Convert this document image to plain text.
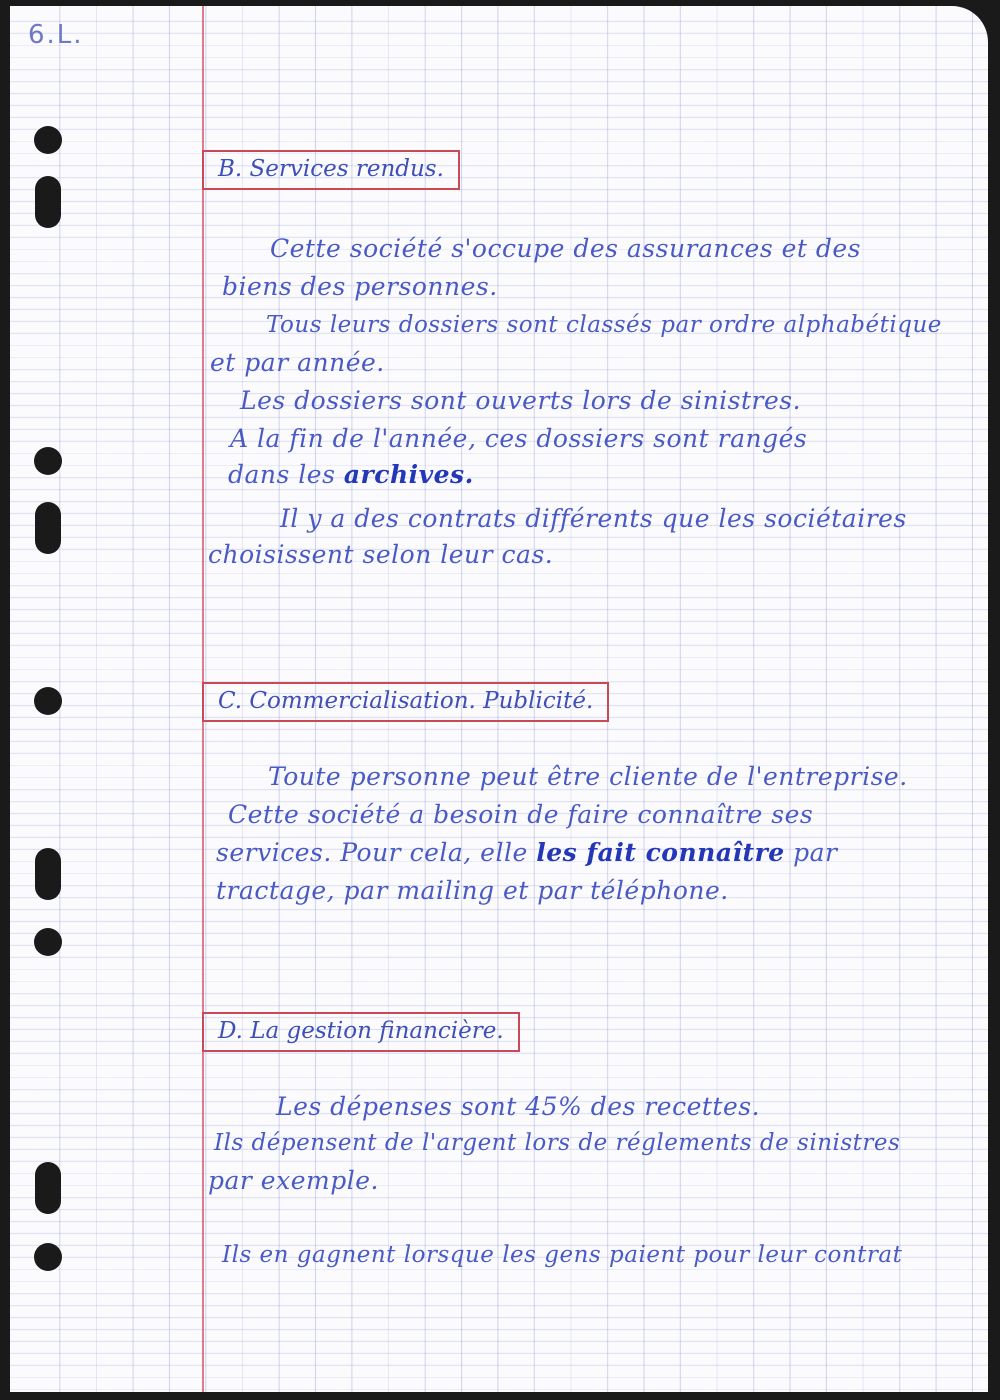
6.L.
B. Services rendus.
Cette société s'occupe des assurances et des
biens des personnes.
Tous leurs dossiers sont classés par ordre alphabétique
et par année.
Les dossiers sont ouverts lors de sinistres.
A la fin de l'année, ces dossiers sont rangés
dans les archives.
Il y a des contrats différents que les sociétaires
choisissent selon leur cas.
C. Commercialisation. Publicité.
Toute personne peut être cliente de l'entreprise.
Cette société a besoin de faire connaître ses
services. Pour cela, elle les fait connaître par
tractage, par mailing et par téléphone.
D. La gestion financière.
Les dépenses sont 45% des recettes.
Ils dépensent de l'argent lors de réglements de sinistres
par exemple.
Ils en gagnent lorsque les gens paient pour leur contrat
